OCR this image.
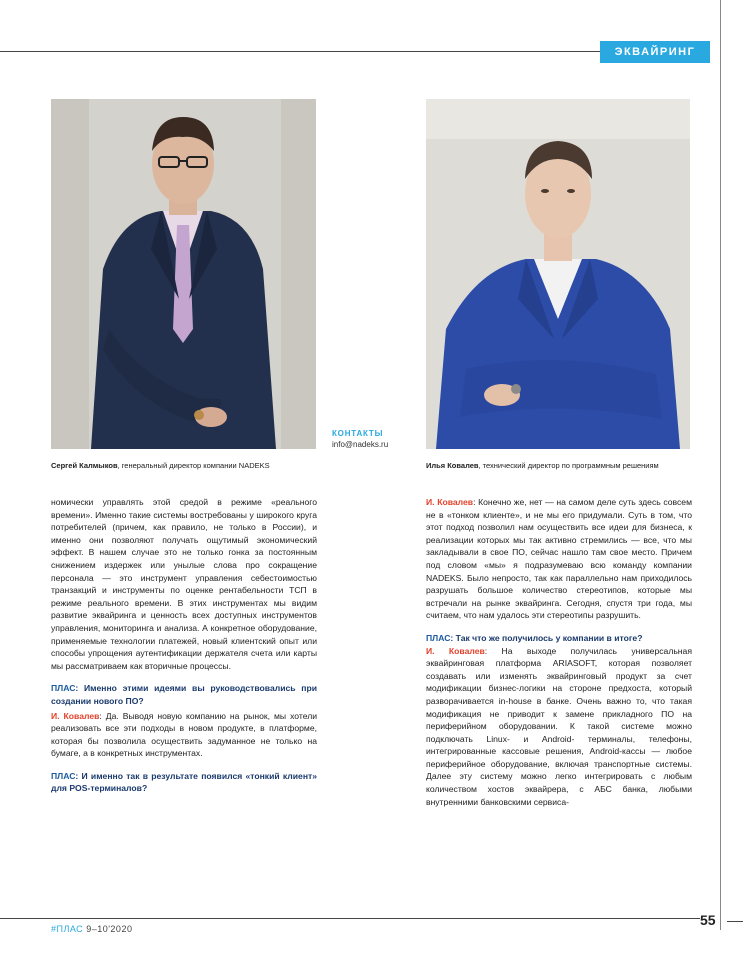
ЭКВАЙРИНГ
КОНТАКТЫ
info@nadeks.ru
Сергей Калмыков, генеральный директор компании NADEKS	Илья Ковалев, технический директор по программным решениям

номически управлять этой средой в режиме «реального времени». Именно такие системы востребованы у широкого круга потребителей (причем, как правило, не только в России), и именно они позволяют получать ощутимый экономический эффект. В нашем случае это не только гонка за постоянным снижением издержек или унылые слова про сокращение персонала — это инструмент управления себестоимостью транзакций и инструменты по оценке рентабельности ТСП в режиме реального времени. В этих инструментах мы видим развитие эквайринга и ценность всех доступных инструментов управления, мониторинга и анализа. А конкретное оборудование, применяемые технологии платежей, новый клиентский опыт или способы упрощения аутентификации держателя счета или карты мы рассматриваем как вторичные процессы.

ПЛАС: Именно этими идеями вы руководствовались при создании нового ПО?

И. Ковалев: Да. Выводя новую компанию на рынок, мы хотели реализовать все эти подходы в новом продукте, в платформе, которая бы позволила осуществить задуманное не только на бумаге, а в конкретных инструментах.

ПЛАС: И именно так в результате появился «тонкий клиент» для POS-терминалов?

И. Ковалев: Конечно же, нет — на самом деле суть здесь совсем не в «тонком клиенте», и не мы его придумали. Суть в том, что этот подход позволил нам осуществить все идеи для бизнеса, к реализации которых мы так активно стремились — все, что мы закладывали в свое ПО, сейчас нашло там свое место. Причем под словом «мы» я подразумеваю всю команду компании NADEKS. Было непросто, так как параллельно нам приходилось разрушать большое количество стереотипов, которые мы встречали на рынке эквайринга. Сегодня, спустя три года, мы считаем, что нам удалось эти стереотипы разрушить.

ПЛАС: Так что же получилось у компании в итоге?

И. Ковалев: На выходе получилась универсальная эквайринговая платформа ARIASOFT, которая позволяет создавать или изменять эквайринговый продукт за счет модификации бизнес-логики на стороне предхоста, который разворачивается in-house в банке. Очень важно то, что такая модификация не приводит к замене прикладного ПО на периферийном оборудовании. К такой системе можно подключать Linux- и Android- терминалы, телефоны, интегрированные кассовые решения, Android-кассы — любое периферийное оборудование, включая транспортные системы. Далее эту систему можно легко интегрировать с любым количеством хостов эквайрера, с АБС банка, любыми внутренними банковскими сервиса-

#ПЛАС 9–10'2020
55
